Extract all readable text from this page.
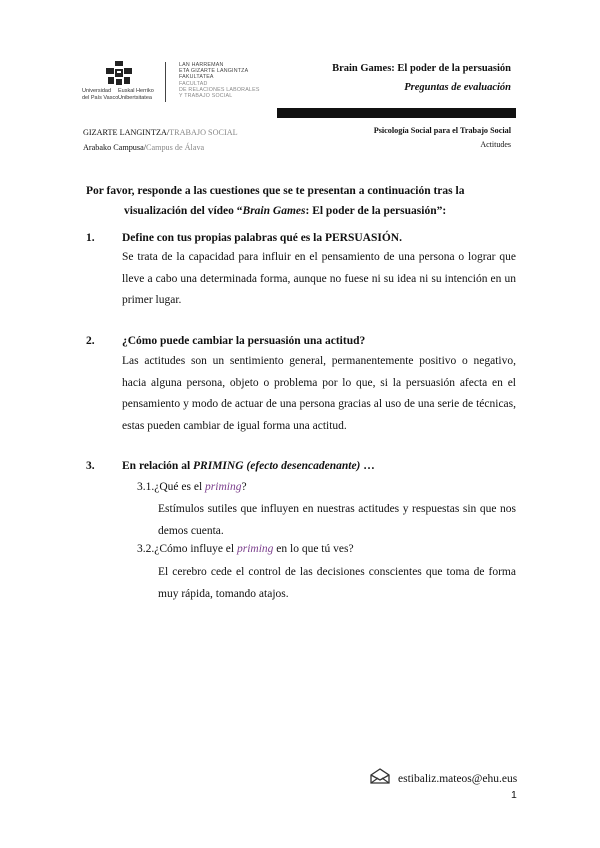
Universidad
del País Vasco
Euskal Herriko
Unibertsitatea
LAN HARREMAN
ETA GIZARTE LANGINTZA
FAKULTATEA
FACULTAD
DE RELACIONES LABORALES
Y TRABAJO SOCIAL
Brain Games: El poder de la persuasión
Preguntas de evaluación
Psicología Social para el Trabajo Social
Actitudes
GIZARTE LANGINTZA/TRABAJO SOCIAL
Arabako Campusa/Campus de Álava
Por favor, responde a las cuestiones que se te presentan a continuación tras la
visualización del vídeo “Brain Games: El poder de la persuasión”:
1. Define con tus propias palabras qué es la PERSUASIÓN.
Se trata de la capacidad para influir en el pensamiento de una persona o lograr que lleve a cabo una determinada forma, aunque no fuese ni su idea ni su intención en un primer lugar.
2. ¿Cómo puede cambiar la persuasión una actitud?
Las actitudes son un sentimiento general, permanentemente positivo o negativo, hacia alguna persona, objeto o problema por lo que, si la persuasión afecta en el pensamiento y modo de actuar de una persona gracias al uso de una serie de técnicas, estas pueden cambiar de igual forma una actitud.
3. En relación al PRIMING (efecto desencadenante) …
3.1.¿Qué es el priming?
Estímulos sutiles que influyen en nuestras actitudes y respuestas sin que nos demos cuenta.
3.2.¿Cómo influye el priming en lo que tú ves?
El cerebro cede el control de las decisiones conscientes que toma de forma muy rápida, tomando atajos.
estibaliz.mateos@ehu.eus
1
